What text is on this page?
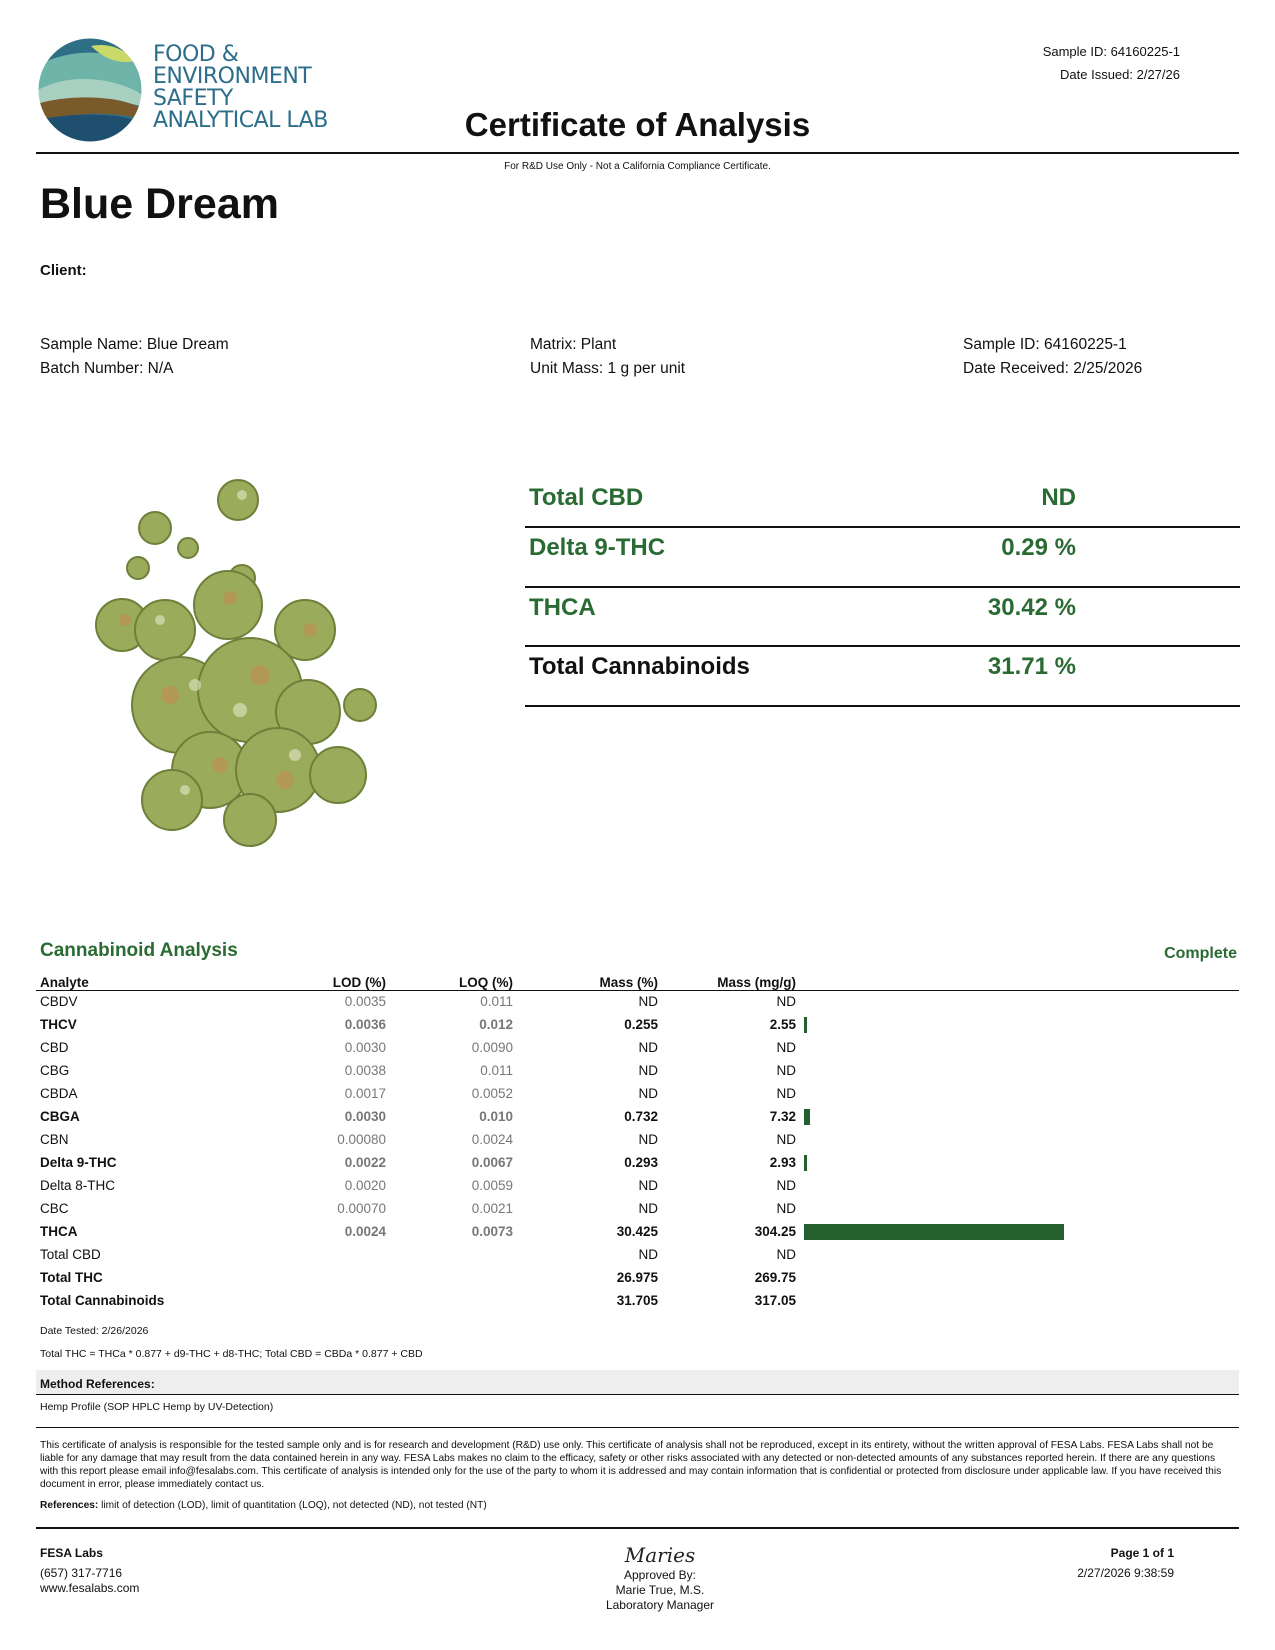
FOOD &
ENVIRONMENT
SAFETY
ANALYTICAL LAB
Sample ID: 64160225-1
Date Issued: 2/27/26
Certificate of Analysis
For R&D Use Only - Not a California Compliance Certificate.
Blue Dream
Client:
Sample Name: Blue Dream
Batch Number: N/A
Matrix: Plant
Unit Mass: 1 g per unit
Sample ID: 64160225-1
Date Received: 2/25/2026
Total CBD	ND
Delta 9-THC	0.29 %
THCA	30.42 %
Total Cannabinoids	31.71 %
Cannabinoid Analysis	Complete
Analyte	LOD (%)	LOQ (%)	Mass (%)	Mass (mg/g)	
CBDV	0.0035	0.011	ND	ND	
THCV	0.0036	0.012	0.255	2.55	
CBD	0.0030	0.0090	ND	ND	
CBG	0.0038	0.011	ND	ND	
CBDA	0.0017	0.0052	ND	ND	
CBGA	0.0030	0.010	0.732	7.32	
CBN	0.00080	0.0024	ND	ND	
Delta 9-THC	0.0022	0.0067	0.293	2.93	
Delta 8-THC	0.0020	0.0059	ND	ND	
CBC	0.00070	0.0021	ND	ND	
THCA	0.0024	0.0073	30.425	304.25	
Total CBD			ND	ND	
Total THC			26.975	269.75	
Total Cannabinoids			31.705	317.05	
Date Tested: 2/26/2026
Total THC = THCa * 0.877 + d9-THC + d8-THC; Total CBD = CBDa * 0.877 + CBD
Method References:
Hemp Profile (SOP HPLC Hemp by UV-Detection)
This certificate of analysis is responsible for the tested sample only and is for research and development (R&D) use only. This certificate of analysis shall not be reproduced, except in its entirety, without the written approval of FESA Labs. FESA Labs shall not be liable for any damage that may result from the data contained herein in any way. FESA Labs makes no claim to the efficacy, safety or other risks associated with any detected or non-detected amounts of any substances reported herein. If there are any questions with this report please email info@fesalabs.com. This certificate of analysis is intended only for the use of the party to whom it is addressed and may contain information that is confidential or protected from disclosure under applicable law. If you have received this document in error, please immediately contact us.
References: limit of detection (LOD), limit of quantitation (LOQ), not detected (ND), not tested (NT)
FESA Labs
(657) 317-7716
www.fesalabs.com
Maries
Approved By:
Marie True, M.S.
Laboratory Manager
Page 1 of 1
2/27/2026 9:38:59
